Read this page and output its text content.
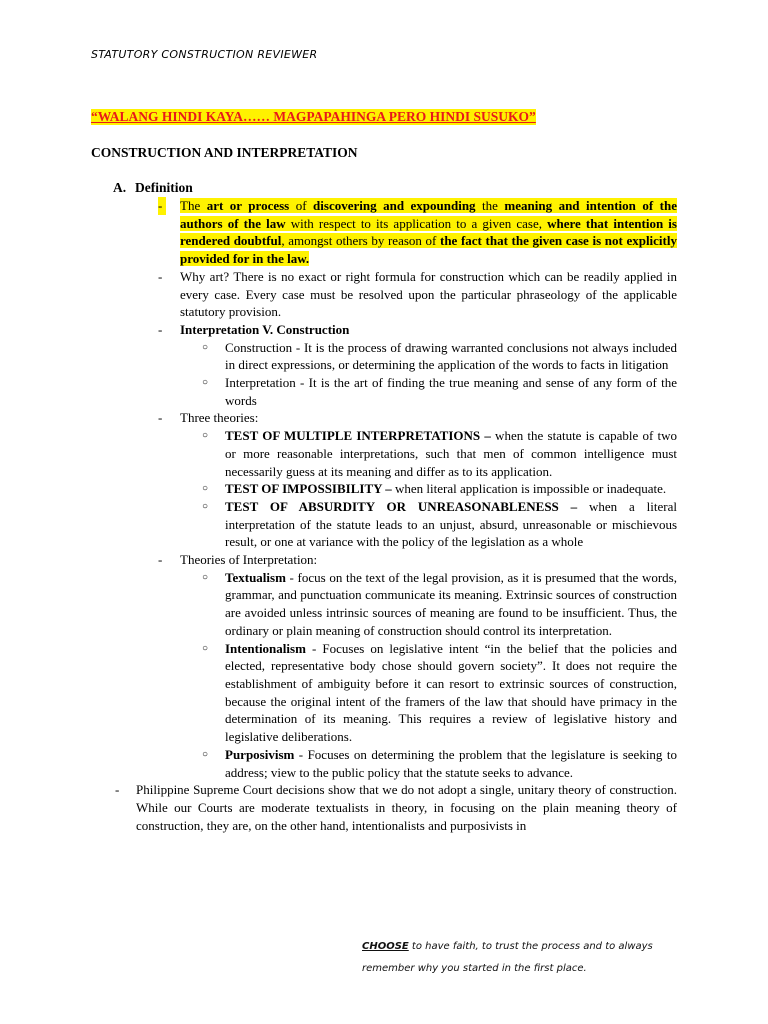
STATUTORY CONSTRUCTION REVIEWER
“WALANG HINDI KAYA…… MAGPAPAHINGA PERO HINDI SUSUKO”
CONSTRUCTION AND INTERPRETATION
A. Definition
-	The art or process of discovering and expounding the meaning and intention of the authors of the law with respect to its application to a given case, where that intention is rendered doubtful, amongst others by reason of the fact that the given case is not explicitly provided for in the law.
- Why art? There is no exact or right formula for construction which can be readily applied in every case. Every case must be resolved upon the particular phraseology of the applicable statutory provision.
- Interpretation V. Construction
○ Construction - It is the process of drawing warranted conclusions not always included in direct expressions, or determining the application of the words to facts in litigation
○ Interpretation - It is the art of finding the true meaning and sense of any form of the words
- Three theories:
○ TEST OF MULTIPLE INTERPRETATIONS – when the statute is capable of two or more reasonable interpretations, such that men of common intelligence must necessarily guess at its meaning and differ as to its application.
○ TEST OF IMPOSSIBILITY – when literal application is impossible or inadequate.
○ TEST OF ABSURDITY OR UNREASONABLENESS – when a literal interpretation of the statute leads to an unjust, absurd, unreasonable or mischievous result, or one at variance with the policy of the legislation as a whole
- Theories of Interpretation:
○ Textualism - focus on the text of the legal provision, as it is presumed that the words, grammar, and punctuation communicate its meaning. Extrinsic sources of construction are avoided unless intrinsic sources of meaning are found to be insufficient. Thus, the ordinary or plain meaning of construction should control its interpretation.
○ Intentionalism - Focuses on legislative intent “in the belief that the policies and elected, representative body chose should govern society”. It does not require the establishment of ambiguity before it can resort to extrinsic sources of construction, because the original intent of the framers of the law that should have primacy in the determination of its meaning. This requires a review of legislative history and legislative deliberations.
○ Purposivism - Focuses on determining the problem that the legislature is seeking to address; view to the public policy that the statute seeks to advance.
- Philippine Supreme Court decisions show that we do not adopt a single, unitary theory of construction. While our Courts are moderate textualists in theory, in focusing on the plain meaning theory of construction, they are, on the other hand, intentionalists and purposivists in
CHOOSE to have faith, to trust the process and to always
remember why you started in the first place.
